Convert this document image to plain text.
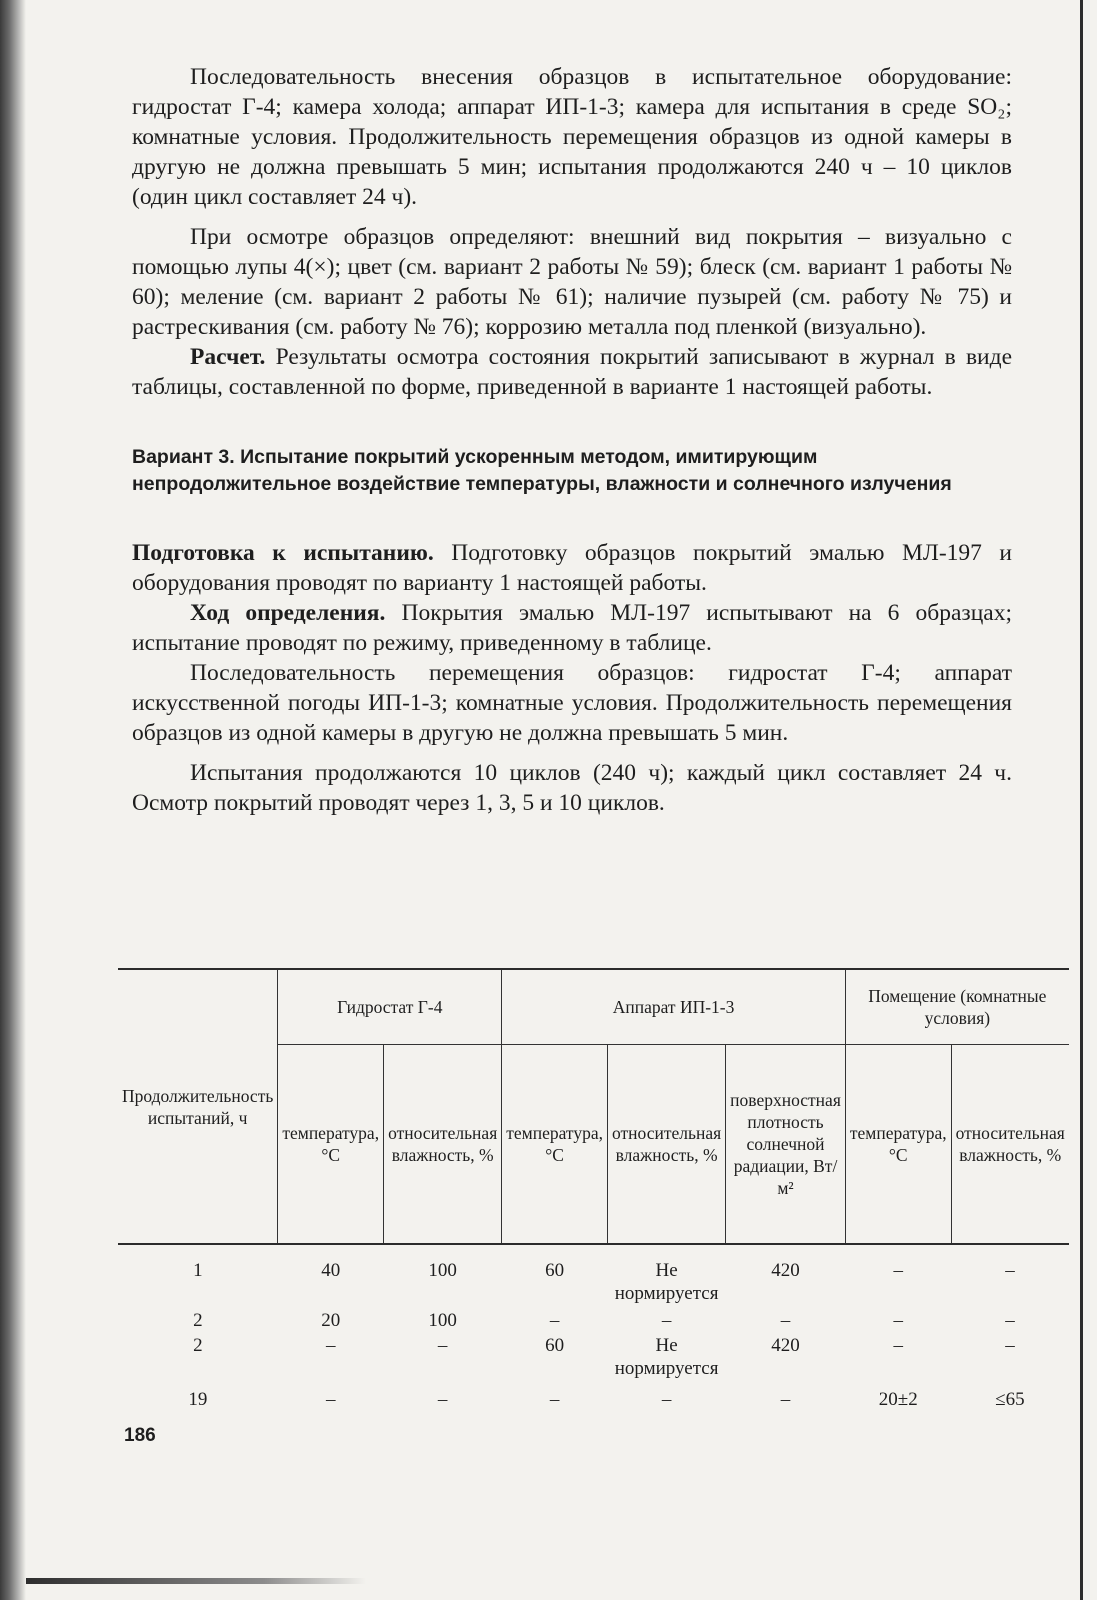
Последовательность внесения образцов в испытательное оборудование: гидростат Г-4; камера холода; аппарат ИП-1-3; камера для испытания в среде SO₂; комнатные условия. Продолжительность перемещения образцов из одной камеры в другую не должна превышать 5 мин; испытания продолжаются 240 ч – 10 циклов (один цикл составляет 24 ч).

При осмотре образцов определяют: внешний вид покрытия – визуально с помощью лупы 4(×); цвет (см. вариант 2 работы № 59); блеск (см. вариант 1 работы № 60); меление (см. вариант 2 работы № 61); наличие пузырей (см. работу № 75) и растрескивания (см. работу № 76); коррозию металла под пленкой (визуально).

Расчет. Результаты осмотра состояния покрытий записывают в журнал в виде таблицы, составленной по форме, приведенной в варианте 1 настоящей работы.

Вариант 3. Испытание покрытий ускоренным методом, имитирующим непродолжительное воздействие температуры, влажности и солнечного излучения

Подготовка к испытанию. Подготовку образцов покрытий эмалью МЛ-197 и оборудования проводят по варианту 1 настоящей работы.

Ход определения. Покрытия эмалью МЛ-197 испытывают на 6 образцах; испытание проводят по режиму, приведенному в таблице.

Последовательность перемещения образцов: гидростат Г-4; аппарат искусственной погоды ИП-1-3; комнатные условия. Продолжительность перемещения образцов из одной камеры в другую не должна превышать 5 мин.

Испытания продолжаются 10 циклов (240 ч); каждый цикл составляет 24 ч. Осмотр покрытий проводят через 1, 3, 5 и 10 циклов.

Продолжительность испытаний, ч	Гидростат Г-4		Аппарат ИП-1-3			Помещение (комнатные условия)	
	температура, °С	относительная влажность, %	температура, °С	относительная влажность, %	поверхностная плотность солнечной радиации, Вт/м²	температура, °С	относительная влажность, %
1	40	100	60	Не нормируется	420	–	–
2	20	100	–	–	–	–	–
2	–	–	60	Не нормируется	420	–	–
19	–	–	–	–	–	20±2	≤65
186
